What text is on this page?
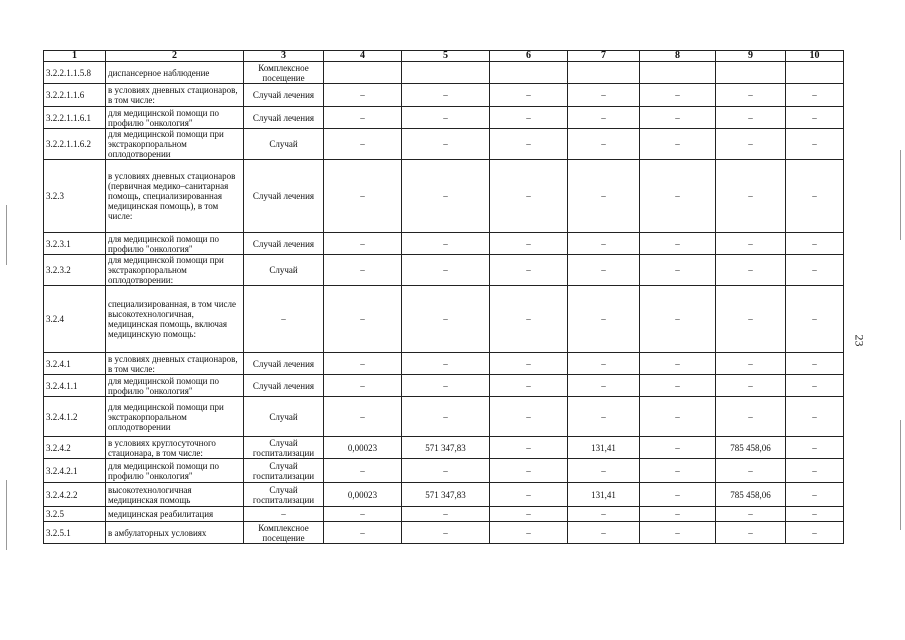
23
1	2	3	4	5	6	7	8	9	10
3.2.2.1.1.5.8	диспансерное наблюдение	Комплексное посещение							
3.2.2.1.1.6	в условиях дневных стационаров, в том числе:	Случай лечения	–	–	–	–	–	–	–
3.2.2.1.1.6.1	для медицинской помощи по профилю "онкология"	Случай лечения	–	–	–	–	–	–	–
3.2.2.1.1.6.2	для медицинской помощи при экстракорпоральном оплодотворении	Случай	–	–	–	–	–	–	–
3.2.3	в условиях дневных стационаров (первичная медико–санитарная помощь, специализированная медицинская помощь), в том числе:	Случай лечения	–	–	–	–	–	–	–
3.2.3.1	для медицинской помощи по профилю "онкология"	Случай лечения	–	–	–	–	–	–	–
3.2.3.2	для медицинской помощи при экстракорпоральном оплодотворении:	Случай	–	–	–	–	–	–	–
3.2.4	специализированная, в том числе высокотехнологичная, медицинская помощь, включая медицинскую помощь:	–	–	–	–	–	–	–	–
3.2.4.1	в условиях дневных стационаров, в том числе:	Случай лечения	–	–	–	–	–	–	–
3.2.4.1.1	для медицинской помощи по профилю "онкология"	Случай лечения	–	–	–	–	–	–	–
3.2.4.1.2	для медицинской помощи при экстракорпоральном оплодотворении	Случай	–	–	–	–	–	–	–
3.2.4.2	в условиях круглосуточного стационара, в том числе:	Случай госпитализации	0,00023	571 347,83	–	131,41	–	785 458,06	–
3.2.4.2.1	для медицинской помощи по профилю "онкология"	Случай госпитализации	–	–	–	–	–	–	–
3.2.4.2.2	высокотехнологичная медицинская помощь	Случай госпитализации	0,00023	571 347,83	–	131,41	–	785 458,06	–
3.2.5	медицинская реабилитация	–	–	–	–	–	–	–	–
3.2.5.1	в амбулаторных условиях	Комплексное посещение	–	–	–	–	–	–	–
